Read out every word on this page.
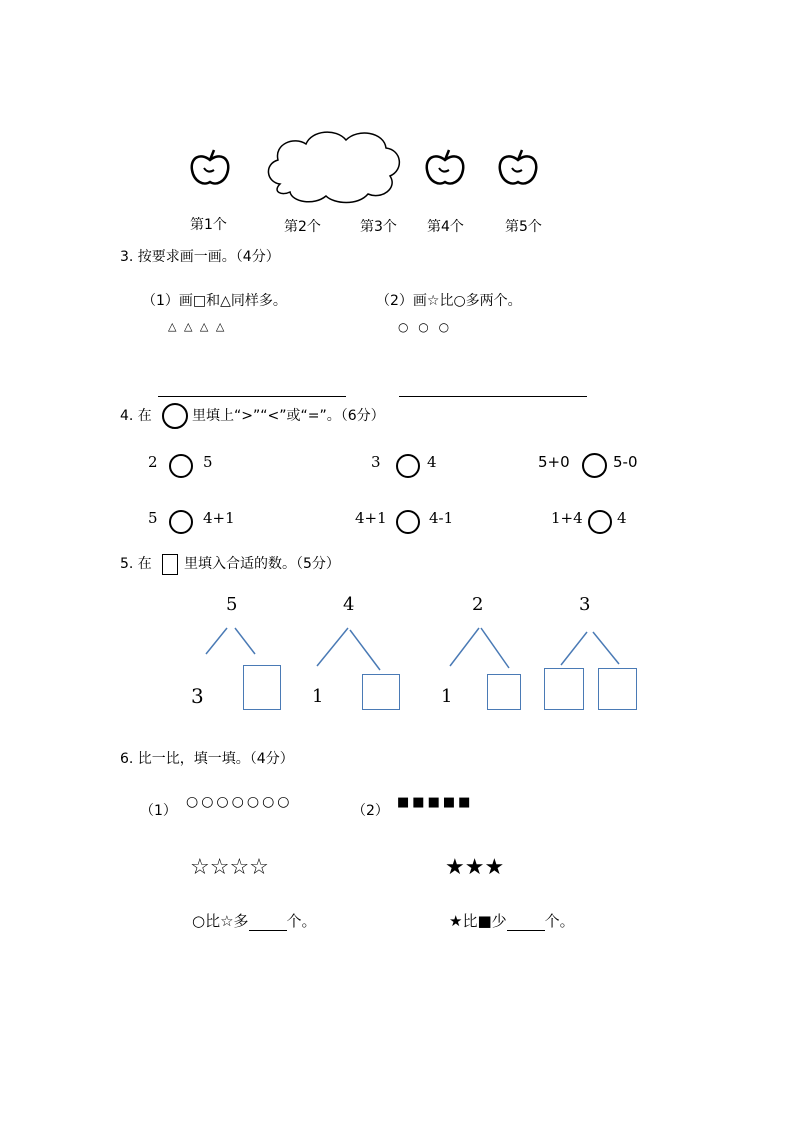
第1个	第2个	第3个 第4个	第5个
3. 按要求画一画。（4分）
（1）画□和△同样多。
△ △ △ △
（2）画☆比○多两个。
○ ○ ○
4. 在	里填上“>”“<”或“=”。（6分）
2	5	3	4	5+0	5-0
5	4+1	4+1	4-1	1+4 4
5. 在 里填入合适的数。（5分）
5	4	2	3
3	1	1
6. 比一比，填一填。（4分）
（1）
○○○○○○○
（2）
■■■■■
☆☆☆☆	★★★
○比☆多	个。	★比■少	个。
